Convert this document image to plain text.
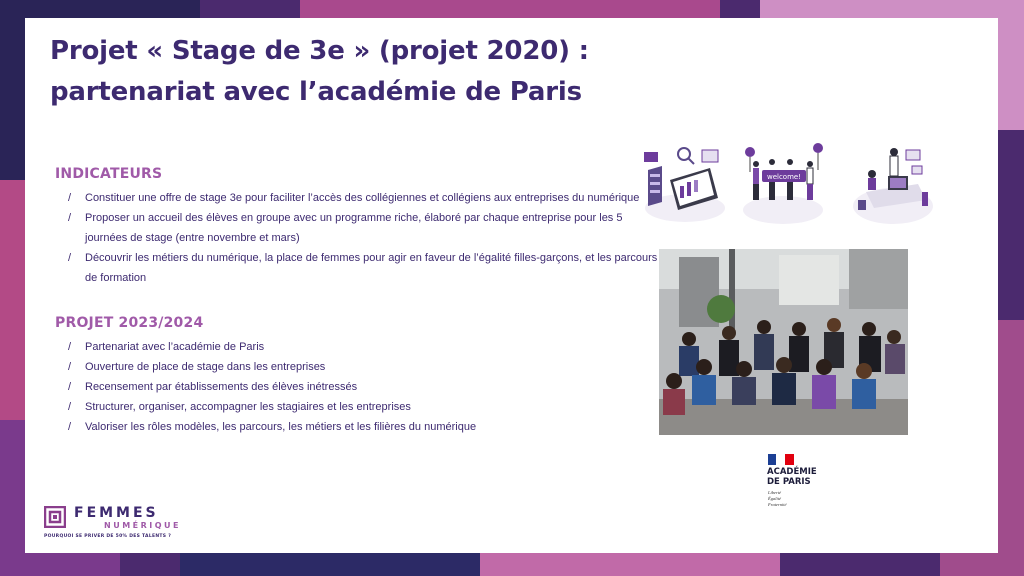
Projet « Stage de 3e » (projet 2020) :
partenariat avec l’académie de Paris
INDICATEURS
/ Constituer une offre de stage 3e pour faciliter l’accès des collégiennes et collégiens aux entreprises du numérique
/ Proposer un accueil des élèves en groupe avec un programme riche, élaboré par chaque entreprise pour les 5 journées de stage (entre novembre et mars)
/ Découvrir les métiers du numérique, la place de femmes pour agir en faveur de l’égalité filles-garçons, et les parcours de formation
PROJET 2023/2024
/ Partenariat avec l’académie de Paris
/ Ouverture de place de stage dans les entreprises
/ Recensement par établissements des élèves inétressés
/ Structurer, organiser, accompagner les stagiaires et les entreprises
/ Valoriser les rôles modèles, les parcours, les métiers et les filières du numérique
welcome!
ACADÉMIE
DE PARIS
Liberté
Égalité
Fraternité
FEMMES
NUMÉRIQUE
POURQUOI SE PRIVER DE 50% DES TALENTS ?
